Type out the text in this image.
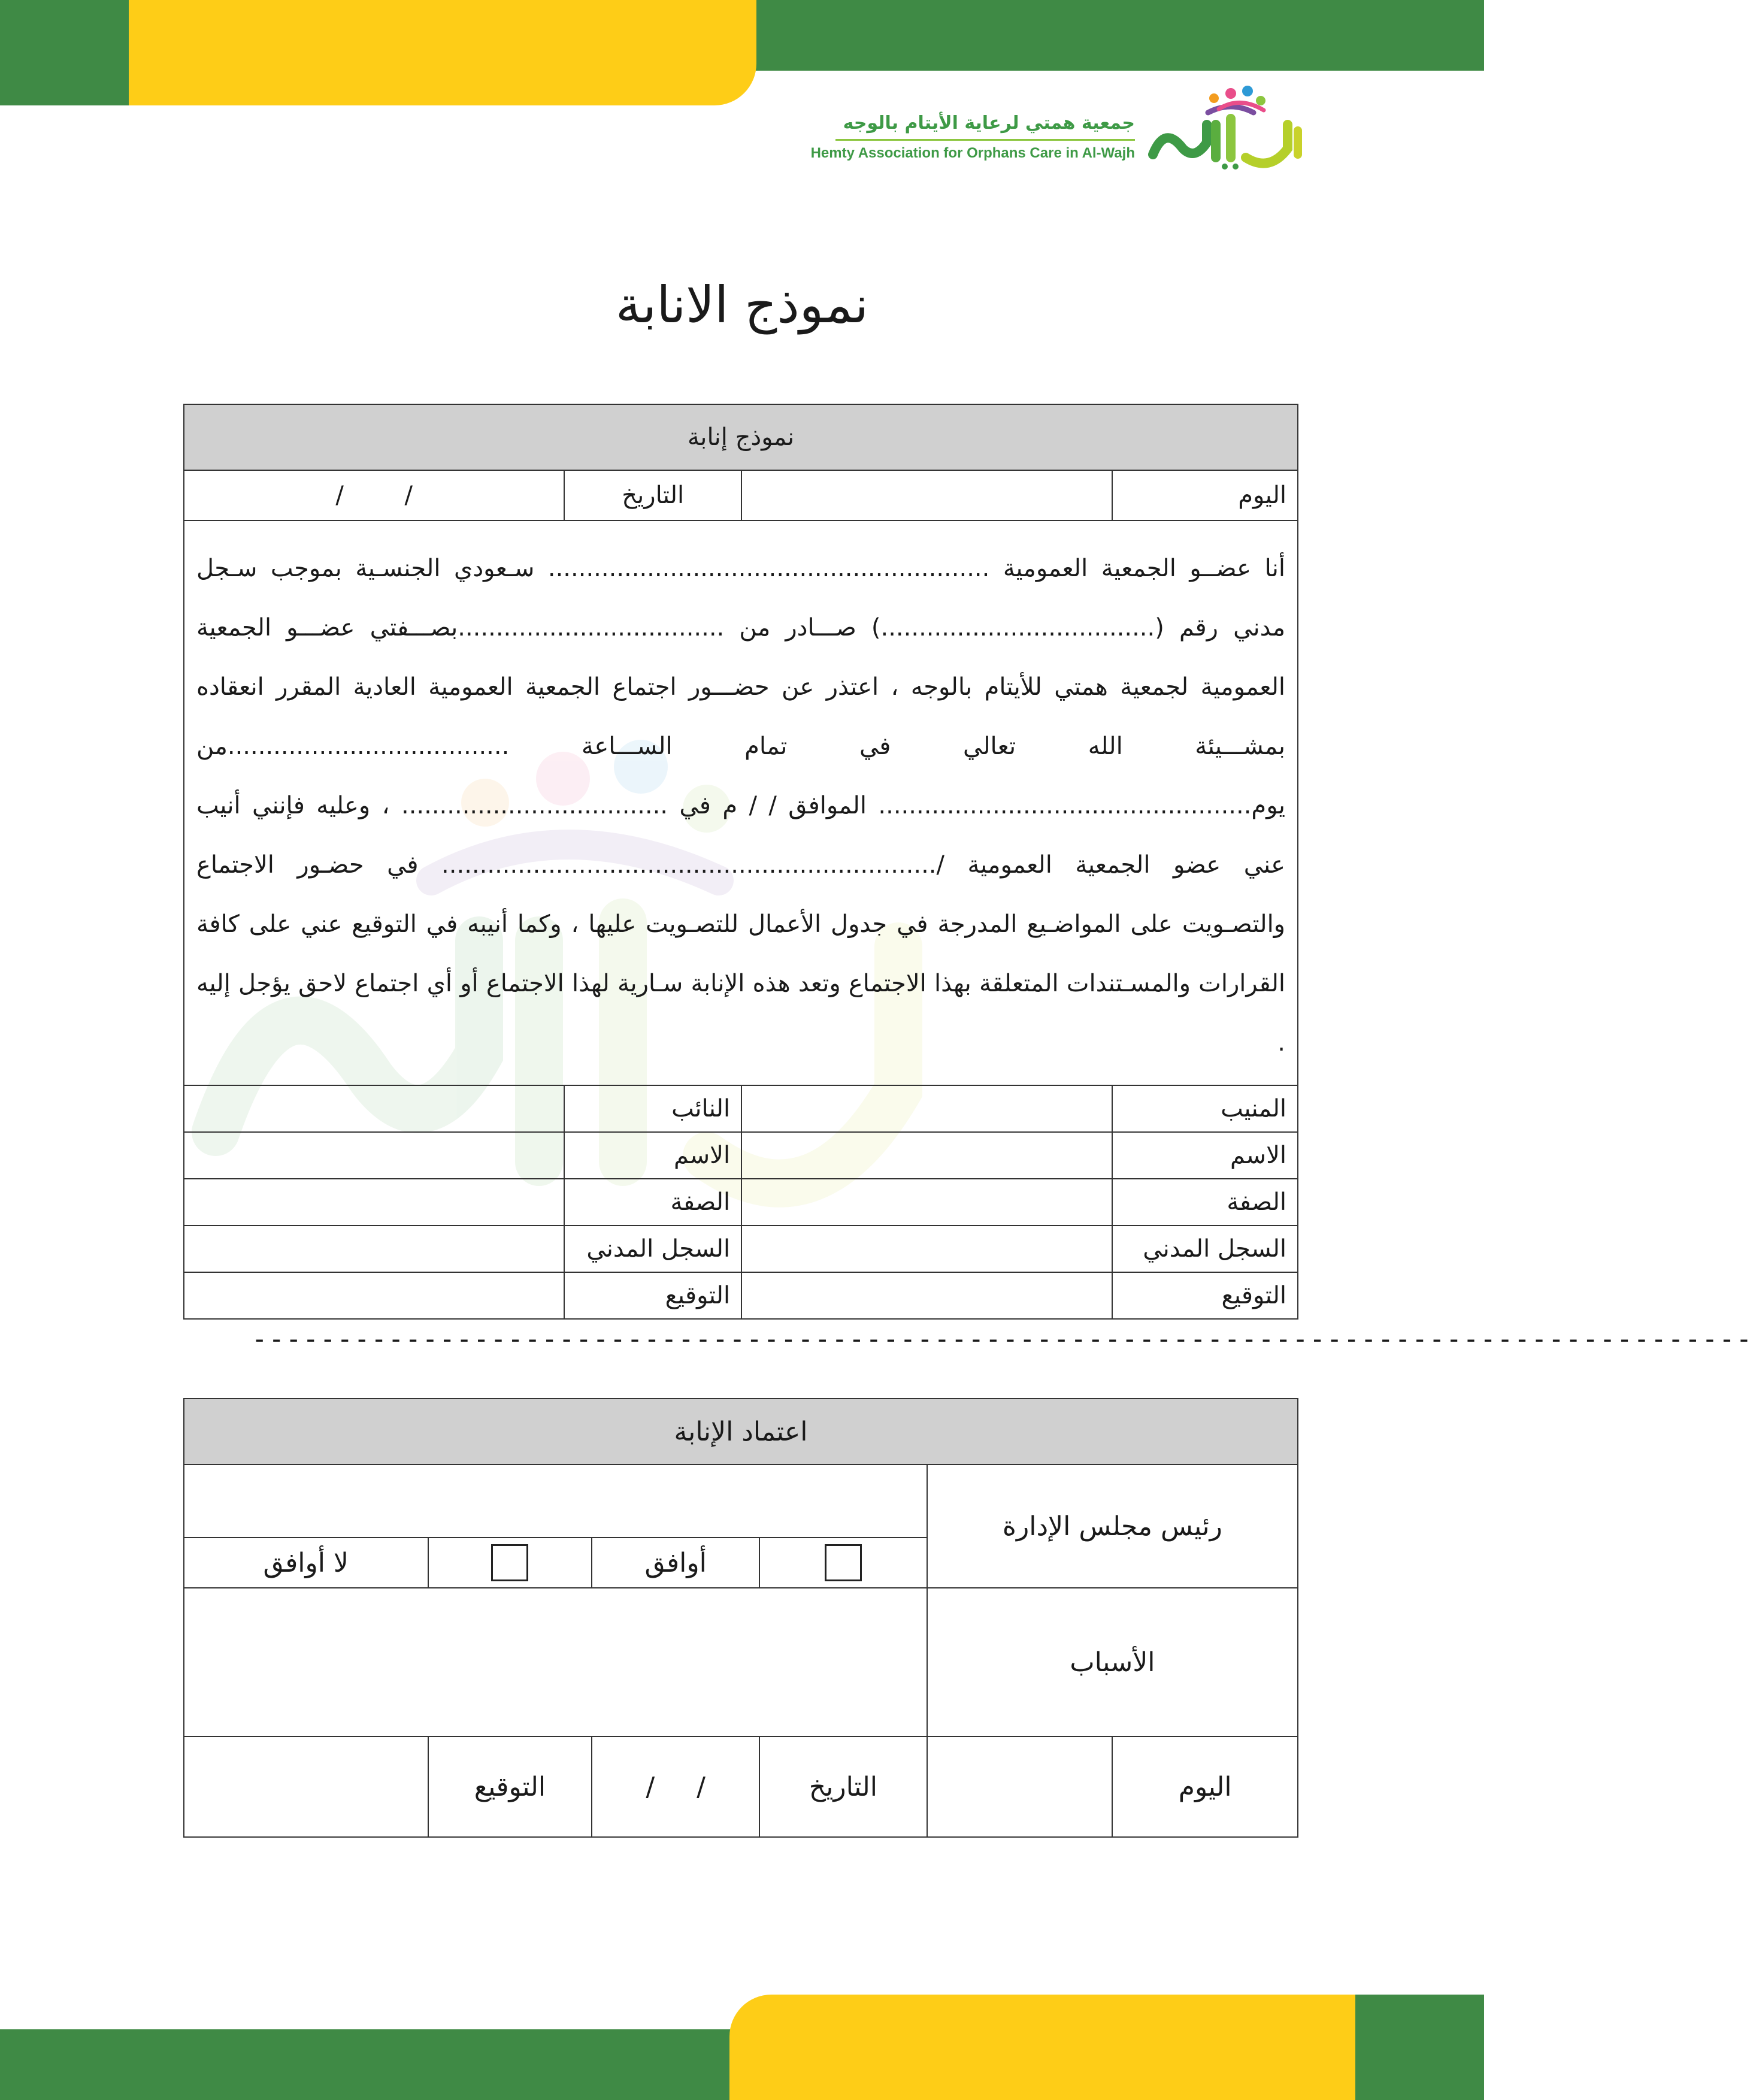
جمعية همتي لرعاية الأيتام بالوجه
Hemty Association for Orphans Care in Al-Wajh
نموذج الانابة
نموذج إنابة			
اليوم		التاريخ	/        /

أنا عضــو الجمعية العمومية .......................................................... سـعودي الجنسـية بموجب سـجل مدني رقم (....................................) صـــادر من ...................................بصـــفتي عضـــو الجمعية العمومية لجمعية همتي للأيتام بالوجه ، اعتذر عن حضـــور اجتماع الجمعية العمومية العادية المقرر انعقاده بمشـــيئة الله تعالي في تمام الســـاعة .....................................من يوم................................................. الموافق / / م في ................................... ، وعليه فإنني أنيب عني عضو الجمعية العمومية /................................................................. في حضـور الاجتماع والتصـويت على المواضـيع المدرجة في جدول الأعمال للتصـويت عليها ، وكما أنيبه في التوقيع عني على كافة القرارات والمسـتندات المتعلقة بهذا الاجتماع وتعد هذه الإنابة سـارية لهذا الاجتماع أو أي اجتماع لاحق يؤجل إليه .			

المنيب		النائب	
الاسم		الاسم	
الصفة		الصفة	
السجل المدني		السجل المدني	
التوقيع		التوقيع	
----------------------------------------------------------------------------------------
اعتماد الإنابة					
رئيس مجلس الإدارة					
			أوافق		لا أوافق
الأسباب					
اليوم		التاريخ	/     /	التوقيع	
